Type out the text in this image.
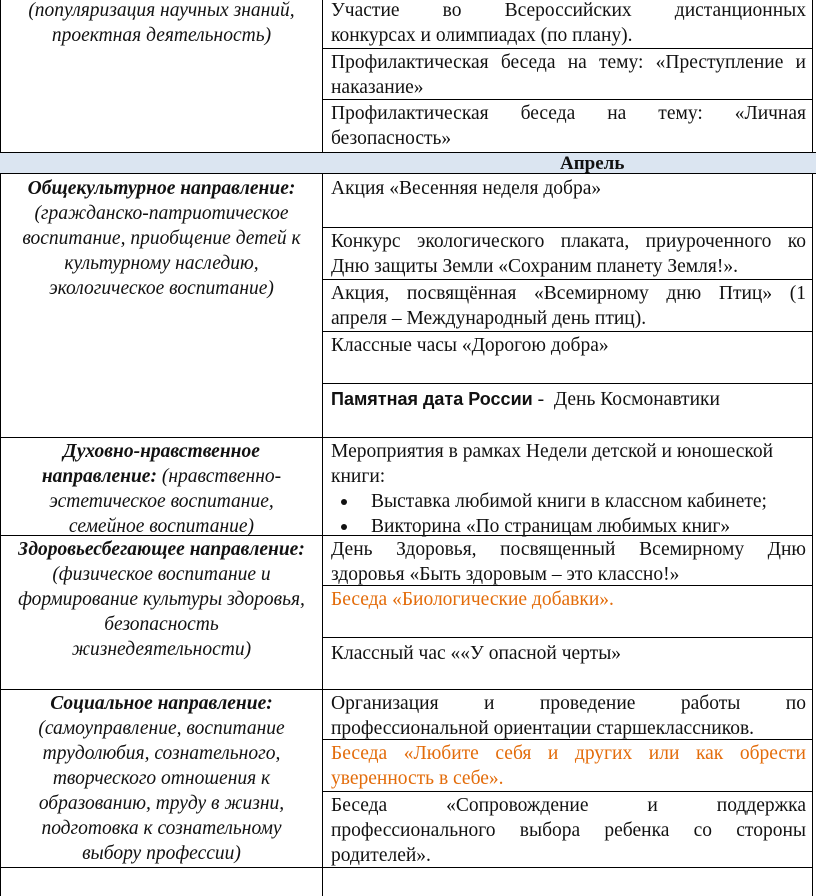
(популяризация научных знаний,
проектная деятельность)
Участие во Всероссийских дистанционных
конкурсах и олимпиадах (по плану).
Профилактическая беседа на тему: «Преступление и
наказание»
Профилактическая беседа на тему: «Личная
безопасность»
Апрель
Общекультурное направление:
(гражданско-патриотическое
воспитание, приобщение детей к
культурному наследию,
экологическое воспитание)
Акция «Весенняя неделя добра»
Конкурс экологического плаката, приуроченного ко
Дню защиты Земли «Сохраним планету Земля!».
Акция, посвящённая «Всемирному дню Птиц» (1
апреля – Международный день птиц).
Классные часы «Дорогою добра»
Памятная дата России -  День Космонавтики
Духовно-нравственное
направление: (нравственно-
эстетическое воспитание,
семейное воспитание)
Мероприятия в рамках Недели детской и юношеской
книги:
Выставка любимой книги в классном кабинете;
Викторина «По страницам любимых книг»
Здоровьесбегающее направление:
(физическое воспитание и
формирование культуры здоровья,
безопасность
жизнедеятельности)
День Здоровья, посвященный Всемирному Дню
здоровья «Быть здоровым – это классно!»
Беседа «Биологические добавки».
Классный час ««У опасной черты»
Социальное направление:
(самоуправление, воспитание
трудолюбия, сознательного,
творческого отношения к
образованию, труду в жизни,
подготовка к сознательному
выбору профессии)
Организация и проведение работы по
профессиональной ориентации старшеклассников.
Беседа «Любите себя и других или как обрести
уверенность в себе».
Беседа «Сопровождение и поддержка
профессионального выбора ребенка со стороны
родителей».
